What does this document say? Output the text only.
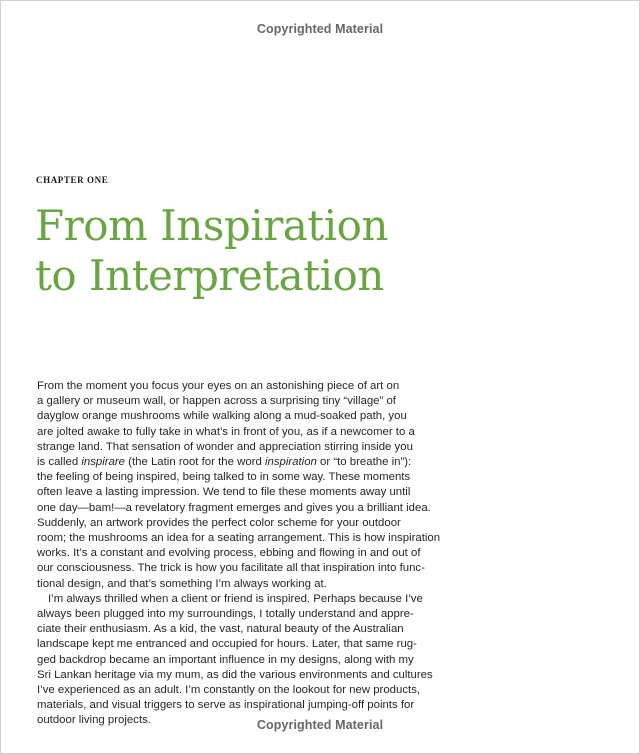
Copyrighted Material
CHAPTER ONE
From Inspiration
to Interpretation
From the moment you focus your eyes on an astonishing piece of art on
a gallery or museum wall, or happen across a surprising tiny “village” of
dayglow orange mushrooms while walking along a mud-soaked path, you
are jolted awake to fully take in what’s in front of you, as if a newcomer to a
strange land. That sensation of wonder and appreciation stirring inside you
is called inspirare (the Latin root for the word inspiration or “to breathe in”):
the feeling of being inspired, being talked to in some way. These moments
often leave a lasting impression. We tend to file these moments away until
one day—bam!—a revelatory fragment emerges and gives you a brilliant idea.
Suddenly, an artwork provides the perfect color scheme for your outdoor
room; the mushrooms an idea for a seating arrangement. This is how inspiration
works. It’s a constant and evolving process, ebbing and flowing in and out of
our consciousness. The trick is how you facilitate all that inspiration into func-
tional design, and that’s something I’m always working at.
I’m always thrilled when a client or friend is inspired. Perhaps because I’ve
always been plugged into my surroundings, I totally understand and appre-
ciate their enthusiasm. As a kid, the vast, natural beauty of the Australian
landscape kept me entranced and occupied for hours. Later, that same rug-
ged backdrop became an important influence in my designs, along with my
Sri Lankan heritage via my mum, as did the various environments and cultures
I’ve experienced as an adult. I’m constantly on the lookout for new products,
materials, and visual triggers to serve as inspirational jumping-off points for
outdoor living projects.	Copyrighted Material
